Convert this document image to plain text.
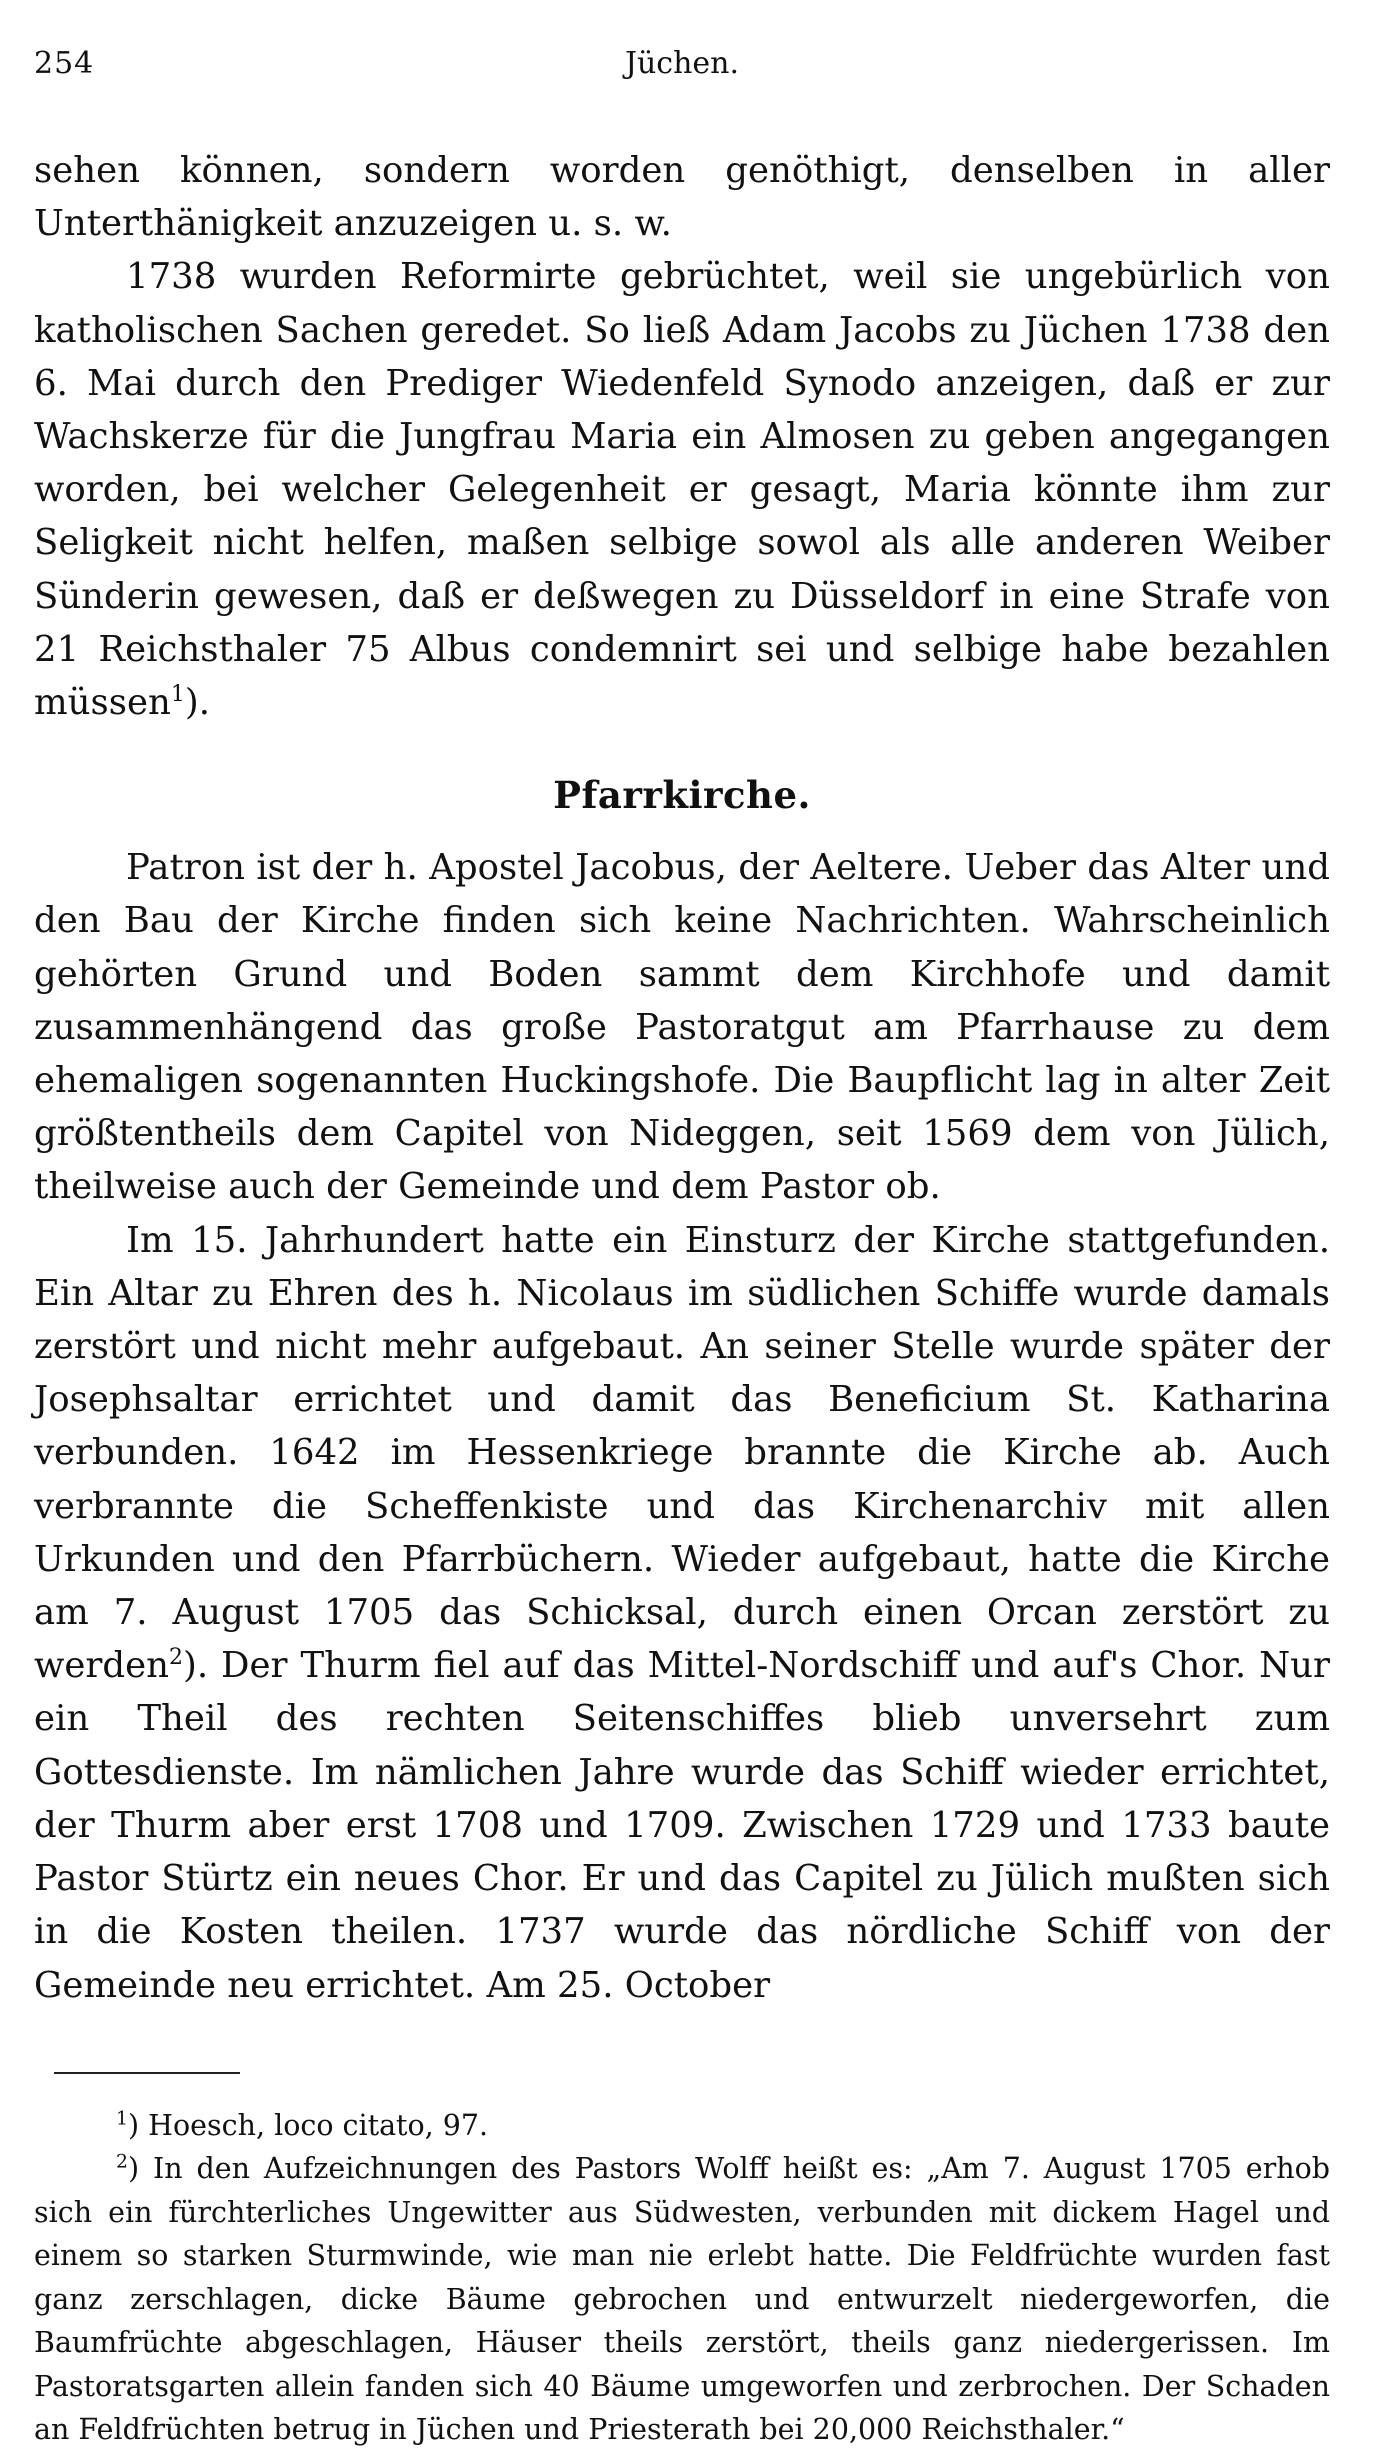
254	Jüchen.

sehen können, sondern worden genöthigt, denselben in aller Unterthänigkeit anzuzeigen u. s. w.

1738 wurden Reformirte gebrüchtet, weil sie ungebürlich von katholischen Sachen geredet. So ließ Adam Jacobs zu Jüchen 1738 den 6. Mai durch den Prediger Wiedenfeld Synodo anzeigen, daß er zur Wachskerze für die Jungfrau Maria ein Almosen zu geben angegangen worden, bei welcher Gelegenheit er gesagt, Maria könnte ihm zur Seligkeit nicht helfen, maßen selbige sowol als alle anderen Weiber Sünderin gewesen, daß er deßwegen zu Düsseldorf in eine Strafe von 21 Reichsthaler 75 Albus condemnirt sei und selbige habe bezahlen müssen$^1$).

Pfarrkirche.

Patron ist der h. Apostel Jacobus, der Aeltere. Ueber das Alter und den Bau der Kirche finden sich keine Nachrichten. Wahrscheinlich gehörten Grund und Boden sammt dem Kirchhofe und damit zusammenhängend das große Pastoratgut am Pfarrhause zu dem ehemaligen sogenannten Huckingshofe. Die Baupflicht lag in alter Zeit größtentheils dem Capitel von Nideggen, seit 1569 dem von Jülich, theilweise auch der Gemeinde und dem Pastor ob.

Im 15. Jahrhundert hatte ein Einsturz der Kirche stattgefunden. Ein Altar zu Ehren des h. Nicolaus im südlichen Schiffe wurde damals zerstört und nicht mehr aufgebaut. An seiner Stelle wurde später der Josephsaltar errichtet und damit das Beneficium St. Katharina verbunden. 1642 im Hessenkriege brannte die Kirche ab. Auch verbrannte die Scheffenkiste und das Kirchenarchiv mit allen Urkunden und den Pfarrbüchern. Wieder aufgebaut, hatte die Kirche am 7. August 1705 das Schicksal, durch einen Orcan zerstört zu werden$^2$). Der Thurm fiel auf das Mittel-Nordschiff und auf's Chor. Nur ein Theil des rechten Seitenschiffes blieb unversehrt zum Gottesdienste. Im nämlichen Jahre wurde das Schiff wieder errichtet, der Thurm aber erst 1708 und 1709. Zwischen 1729 und 1733 baute Pastor Stürtz ein neues Chor. Er und das Capitel zu Jülich mußten sich in die Kosten theilen. 1737 wurde das nördliche Schiff von der Gemeinde neu errichtet. Am 25. October

$^1$) Hoesch, loco citato, 97.

$^2$) In den Aufzeichnungen des Pastors Wolff heißt es: „Am 7. August 1705 erhob sich ein fürchterliches Ungewitter aus Südwesten, verbunden mit dickem Hagel und einem so starken Sturmwinde, wie man nie erlebt hatte. Die Feldfrüchte wurden fast ganz zerschlagen, dicke Bäume gebrochen und entwurzelt niedergeworfen, die Baumfrüchte abgeschlagen, Häuser theils zerstört, theils ganz niedergerissen. Im Pastoratsgarten allein fanden sich 40 Bäume umgeworfen und zerbrochen. Der Schaden an Feldfrüchten betrug in Jüchen und Priesterath bei 20,000 Reichsthaler.“
